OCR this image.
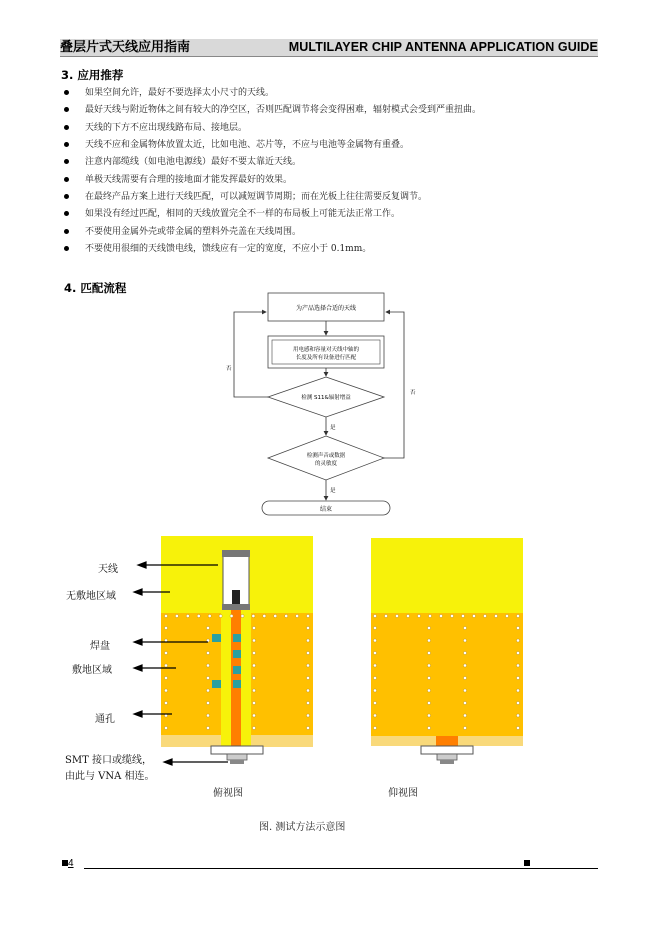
叠层片式天线应用指南	MULTILAYER CHIP ANTENNA APPLICATION GUIDE
3. 应用推荐
如果空间允许，最好不要选择太小尺寸的天线。
最好天线与附近物体之间有较大的净空区，否则匹配调节将会变得困难，辐射模式会受到严重扭曲。
天线的下方不应出现线路布局、接地层。
天线不应和金属物体放置太近，比如电池、芯片等，不应与电池等金属物有重叠。
注意内部缆线（如电池电源线）最好不要太靠近天线。
单极天线需要有合理的接地面才能发挥最好的效果。
在最终产品方案上进行天线匹配，可以减短调节周期；而在光板上往往需要反复调节。
如果没有经过匹配，相同的天线放置完全不一样的布局板上可能无法正常工作。
不要使用金属外壳或带金属的塑料外壳盖在天线周围。
不要使用很细的天线馈电线，馈线应有一定的宽度，不应小于 0.1mm。
4. 匹配流程
为产品选择合适的天线
用电感和容量对天线中轴的
长度及所有设备进行匹配
检测 S11&辐射增益
是
检测声音或数据
的灵敏度
是
结束
否
否
天线
无敷地区域
焊盘
敷地区域
通孔
SMT 接口或缆线，
由此与 VNA 相连。
俯视图	仰视图
图. 测试方法示意图
4
